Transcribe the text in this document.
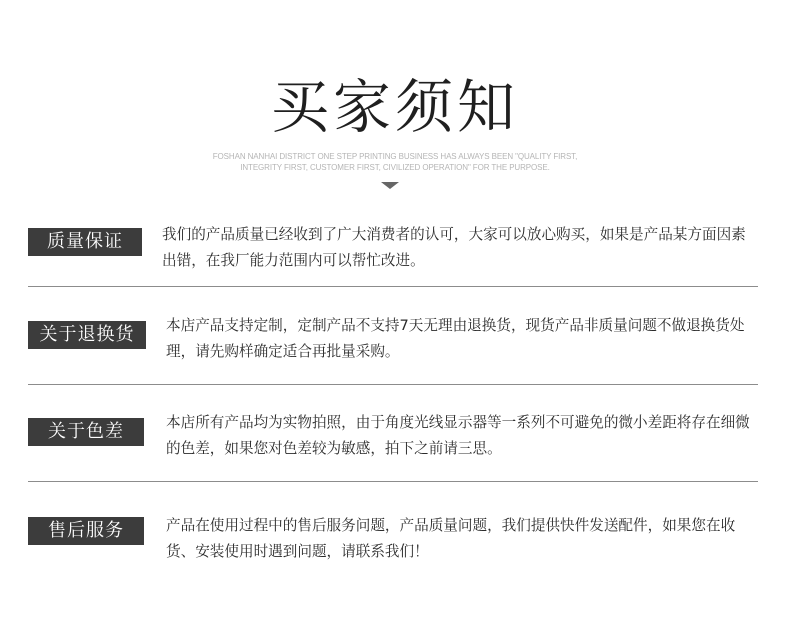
买家须知
FOSHAN NANHAI DISTRICT ONE STEP PRINTING BUSINESS HAS ALWAYS BEEN "QUALITY FIRST,
INTEGRITY FIRST, CUSTOMER FIRST, CIVILIZED OPERATION" FOR THE PURPOSE.
质量保证	我们的产品质量已经收到了广大消费者的认可，大家可以放心购买，如果是产品某方面因素出错，在我厂能力范围内可以帮忙改进。
关于退换货	本店产品支持定制，定制产品不支持7天无理由退换货，现货产品非质量问题不做退换货处理，请先购样确定适合再批量采购。
关于色差	本店所有产品均为实物拍照，由于角度光线显示器等一系列不可避免的微小差距将存在细微的色差，如果您对色差较为敏感，拍下之前请三思。
售后服务	产品在使用过程中的售后服务问题，产品质量问题，我们提供快件发送配件，如果您在收货、安装使用时遇到问题，请联系我们！
